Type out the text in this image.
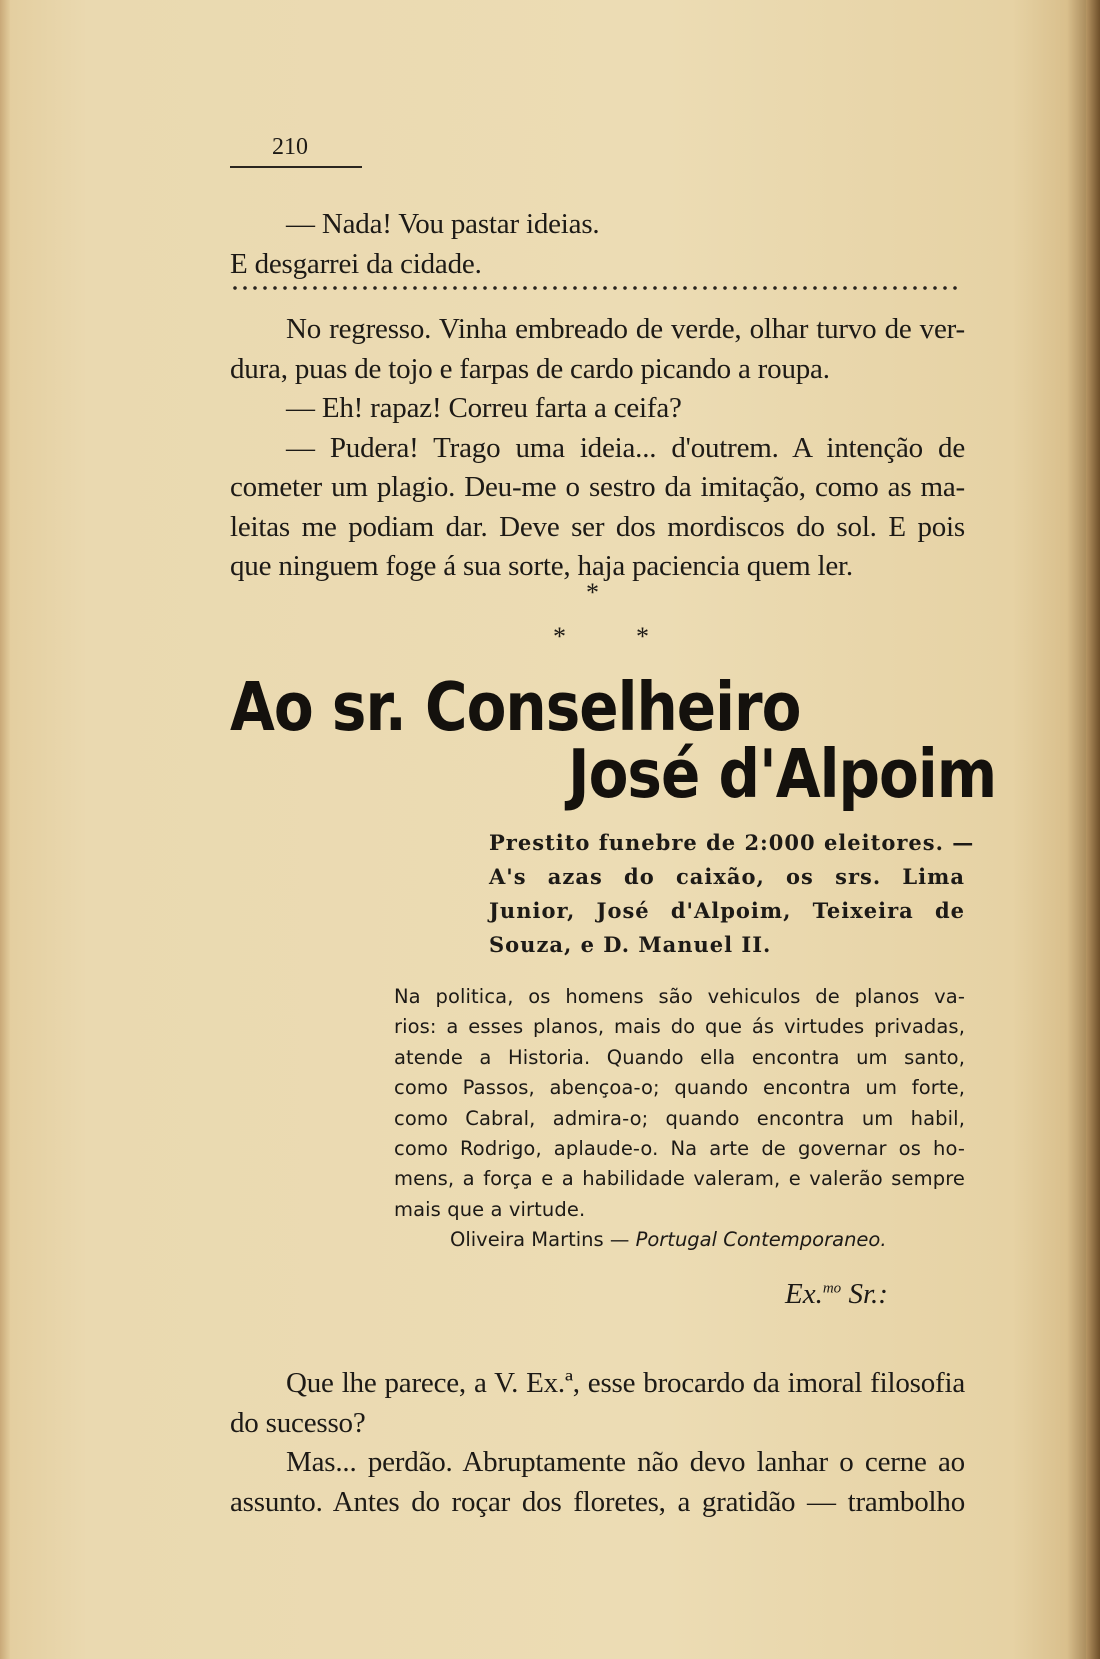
210
— Nada! Vou pastar ideias.
E desgarrei da cidade.
No regresso. Vinha embreado de verde, olhar turvo de ver-
dura, puas de tojo e farpas de cardo picando a roupa.
— Eh! rapaz! Correu farta a ceifa?
— Pudera! Trago uma ideia... d'outrem. A intenção de
cometer um plagio. Deu-me o sestro da imitação, como as ma-
leitas me podiam dar. Deve ser dos mordiscos do sol. E pois
que ninguem foge á sua sorte, haja paciencia quem ler.
*
*	*
Ao sr. Conselheiro
José d'Alpoim
Prestito funebre de 2:000 eleitores. —
A's azas do caixão, os srs. Lima
Junior, José d'Alpoim, Teixeira de
Souza, e D. Manuel II.
Na politica, os homens são vehiculos de planos va-
rios: a esses planos, mais do que ás virtudes privadas,
atende a Historia. Quando ella encontra um santo,
como Passos, abençoa-o; quando encontra um forte,
como Cabral, admira-o; quando encontra um habil,
como Rodrigo, aplaude-o. Na arte de governar os ho-
mens, a força e a habilidade valeram, e valerão sempre
mais que a virtude.
Oliveira Martins — Portugal Contemporaneo.
Ex.$^{mo}$ Sr.:
Que lhe parece, a V. Ex.ª, esse brocardo da imoral filosofia
do sucesso?
Mas... perdão. Abruptamente não devo lanhar o cerne ao
assunto. Antes do roçar dos floretes, a gratidão — trambolho
